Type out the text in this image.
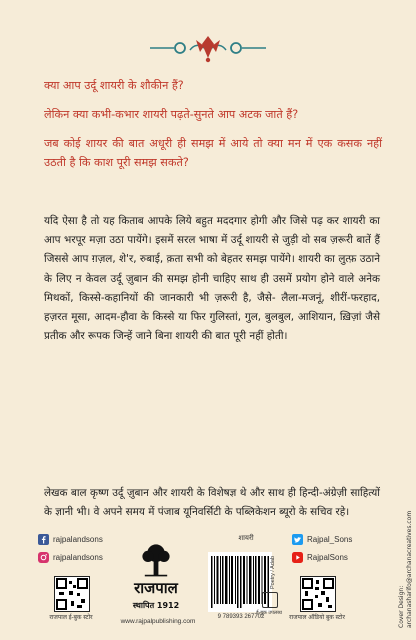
क्या आप उर्दू शायरी के शौकीन हैं?

लेकिन क्या कभी-कभार शायरी पढ़ते-सुनते आप अटक जाते हैं?

जब कोई शायर की बात अधूरी ही समझ में आये तो क्या मन में एक कसक नहीं उठती है कि काश पूरी समझ सकते?

यदि ऐसा है तो यह किताब आपके लिये बहुत मददगार होगी और जिसे पढ़ कर शायरी का आप भरपूर मज़ा उठा पायेंगे। इसमें सरल भाषा में उर्दू शायरी से जुड़ी वो सब ज़रूरी बातें हैं जिससे आप ग़ज़ल, शे'र, रुबाई, क़ता सभी को बेहतर समझ पायेंगे। शायरी का लुत्फ़ उठाने के लिए न केवल उर्दू ज़ुबान की समझ होनी चाहिए साथ ही उसमें प्रयोग होने वाले अनेक मिथकों, किस्से-कहानियों की जानकारी भी ज़रूरी है, जैसे- लैला-मजनूं, शीरीं-फरहाद, हज़रत मूसा, आदम-हौवा के किस्से या फिर गुलिस्तां, गुल, बुलबुल, आशियान, ख़िज़ां जैसे प्रतीक और रूपक जिन्हें जाने बिना शायरी की बात पूरी नहीं होती।

लेखक बाल कृष्ण उर्दू ज़ुबान और शायरी के विशेषज्ञ थे और साथ ही हिन्दी-अंग्रेज़ी साहित्यों के ज्ञानी भी। वे अपने समय में पंजाब यूनिवर्सिटी के पब्लिकेशन ब्यूरो के सचिव रहे।

rajpalandsons
rajpalandsons
राजपाल ई-बुक स्टोर
राजपाल
स्थापित 1912
www.rajpalpublishing.com
शायरी
9 789393 267702
Poetry / Adab
ई-बुक उपलब्ध
Rajpal_Sons
RajpalSons
राजपाल ऑडियो बुक स्टोर	Cover Design: archanasharifo@archanacreatives.com
